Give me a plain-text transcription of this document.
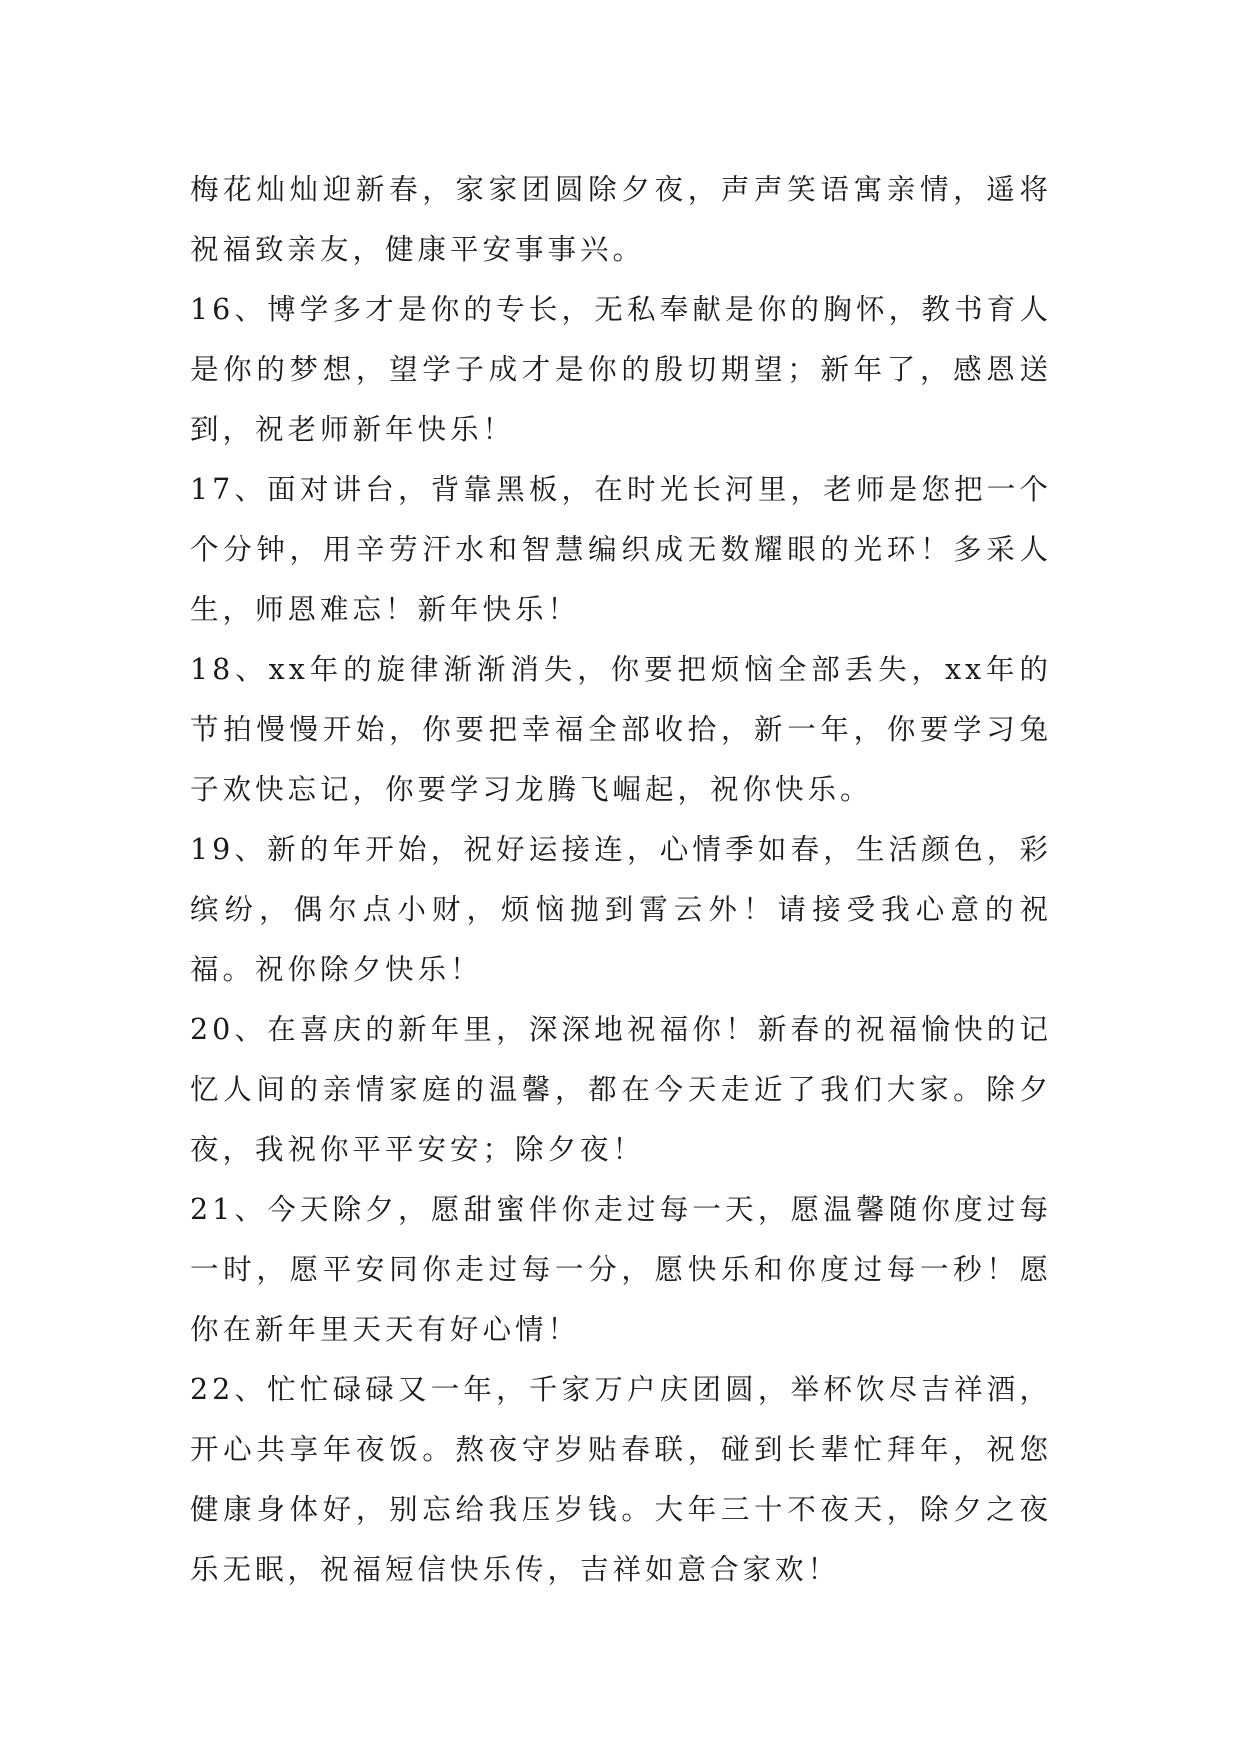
梅花灿灿迎新春，家家团圆除夕夜，声声笑语寓亲情，遥将祝福致亲友，健康平安事事兴。

16、博学多才是你的专长，无私奉献是你的胸怀，教书育人是你的梦想，望学子成才是你的殷切期望；新年了，感恩送到，祝老师新年快乐！

17、面对讲台，背靠黑板，在时光长河里，老师是您把一个个分钟，用辛劳汗水和智慧编织成无数耀眼的光环！多采人生，师恩难忘！新年快乐！

18、xx年的旋律渐渐消失，你要把烦恼全部丢失，xx年的节拍慢慢开始，你要把幸福全部收拾，新一年，你要学习兔子欢快忘记，你要学习龙腾飞崛起，祝你快乐。

19、新的年开始，祝好运接连，心情季如春，生活颜色，彩缤纷，偶尔点小财，烦恼抛到霄云外！请接受我心意的祝福。祝你除夕快乐！

20、在喜庆的新年里，深深地祝福你！新春的祝福愉快的记忆人间的亲情家庭的温馨，都在今天走近了我们大家。除夕夜，我祝你平平安安；除夕夜！

21、今天除夕，愿甜蜜伴你走过每一天，愿温馨随你度过每一时，愿平安同你走过每一分，愿快乐和你度过每一秒！愿你在新年里天天有好心情！

22、忙忙碌碌又一年，千家万户庆团圆，举杯饮尽吉祥酒，开心共享年夜饭。熬夜守岁贴春联，碰到长辈忙拜年，祝您健康身体好，别忘给我压岁钱。大年三十不夜天，除夕之夜乐无眠，祝福短信快乐传，吉祥如意合家欢！
